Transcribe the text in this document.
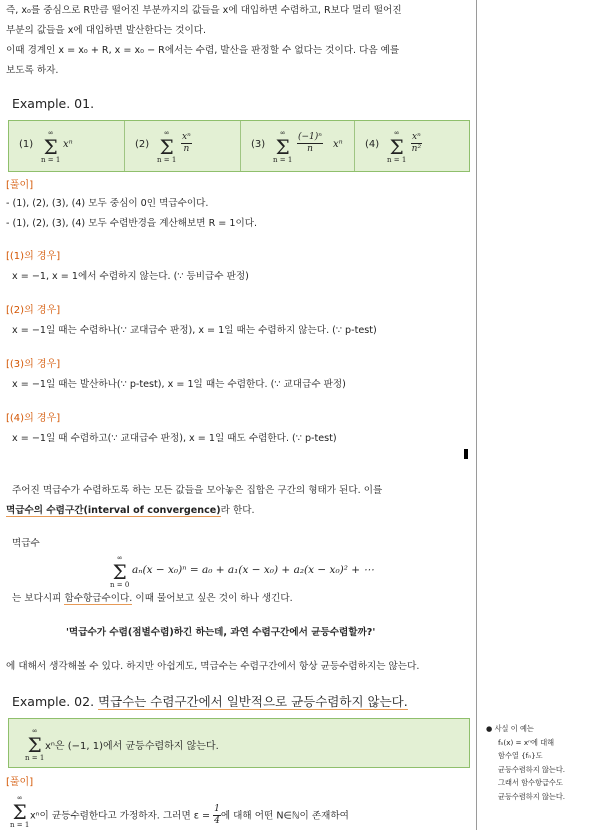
즉, x₀를 중심으로 R만큼 떨어진 부분까지의 값들을 x에 대입하면 수렴하고, R보다 멀리 떨어진
부분의 값들을 x에 대입하면 발산한다는 것이다.
이때 경계인 x = x₀ + R, x = x₀ − R에서는 수렴, 발산을 판정할 수 없다는 것이다. 다음 예를
보도록 하자.
Example. 01.
(1)
∞
Σ
n = 1
xⁿ	(2)
∞
Σ
n = 1
$\frac{\text{xⁿ}}{n}$	(3)
∞
Σ
n = 1
$\frac{\text{(−1)ⁿ}}{n}$ xⁿ (4)
∞
Σ
n = 1
$\frac{\text{xⁿ}}{\text{n²}}$
[풀이]
- (1), (2), (3), (4) 모두 중심이 0인 멱급수이다.
- (1), (2), (3), (4) 모두 수렴반경을 계산해보면 R = 1이다.
[(1)의 경우]
x = −1, x = 1에서 수렴하지 않는다. (∵ 등비급수 판정)
[(2)의 경우]
x = −1일 때는 수렴하나(∵ 교대급수 판정), x = 1일 때는 수렴하지 않는다. (∵ p-test)
[(3)의 경우]
x = −1일 때는 발산하나(∵ p-test), x = 1일 때는 수렴한다. (∵ 교대급수 판정)
[(4)의 경우]
x = −1일 때 수렴하고(∵ 교대급수 판정), x = 1일 때도 수렴한다. (∵ p-test)
주어진 멱급수가 수렴하도록 하는 모든 값들을 모아놓은 집합은 구간의 형태가 된다. 이를
멱급수의 수렴구간(interval of convergence)라 한다.
멱급수
∞
Σ
n = 0
aₙ(x − x₀)ⁿ = a₀ + a₁(x − x₀) + a₂(x − x₀)² + ⋯
는 보다시피 함수항급수이다. 이때 물어보고 싶은 것이 하나 생긴다.
'멱급수가 수렴(점별수렴)하긴 하는데, 과연 수렴구간에서 균등수렴할까?'
에 대해서 생각해볼 수 있다. 하지만 아쉽게도, 멱급수는 수렴구간에서 항상 균등수렴하지는 않는다.
Example. 02. 멱급수는 수렴구간에서 일반적으로 균등수렴하지 않는다.
∞
Σ
n = 1
xⁿ은 (−1, 1)에서 균등수렴하지 않는다.
[풀이]
∞
Σ
n = 1
xⁿ이 균등수렴한다고 가정하자. 그러면 $\varepsilon = \frac{1}{4}$ 에 대해 어떤 N∈ℕ이 존재하여
● 사실 이 예는
fₙ(x) = xⁿ에 대해
함수열 {fₙ}도
균등수렴하지 않는다.
그래서 함수항급수도
균등수렴하지 않는다.
